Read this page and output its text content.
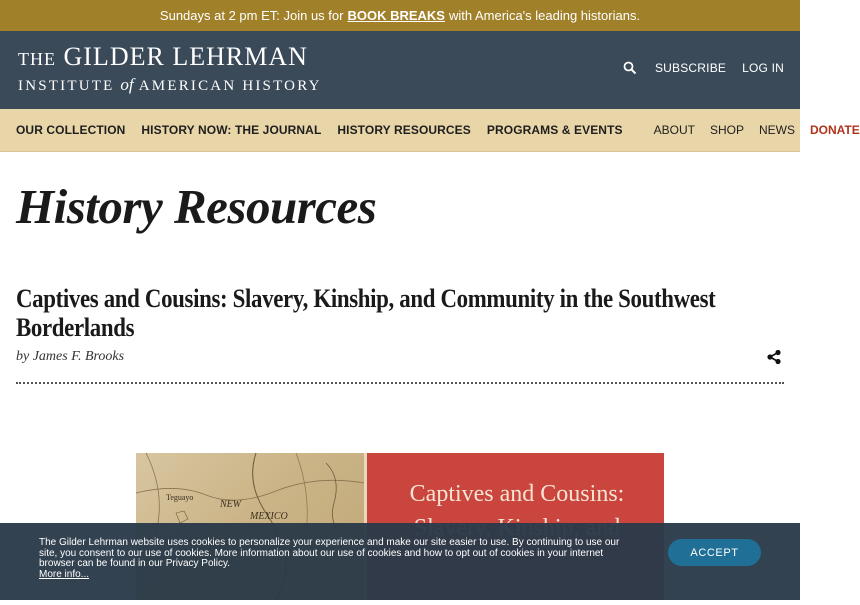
Sundays at 2 pm ET: Join us for BOOK BREAKS with America's leading historians.
THE GILDER LEHRMAN
INSTITUTE of AMERICAN HISTORY
SUBSCRIBE LOG IN
OUR COLLECTION HISTORY NOW: THE JOURNAL HISTORY RESOURCES PROGRAMS & EVENTS	ABOUT SHOP NEWS DONATE
History Resources
Captives and Cousins: Slavery, Kinship, and Community in the Southwest Borderlands
by James F. Brooks
Teguayo
NEW
MEXICO
Captives and Cousins:
The Gilder Lehrman website uses cookies to personalize your experience and make our site easier to use. By continuing to use our site, you consent to our use of cookies. More information about our use of cookies and how to opt out of cookies in your internet browser can be found in our Privacy Policy.
More info...
ACCEPT
